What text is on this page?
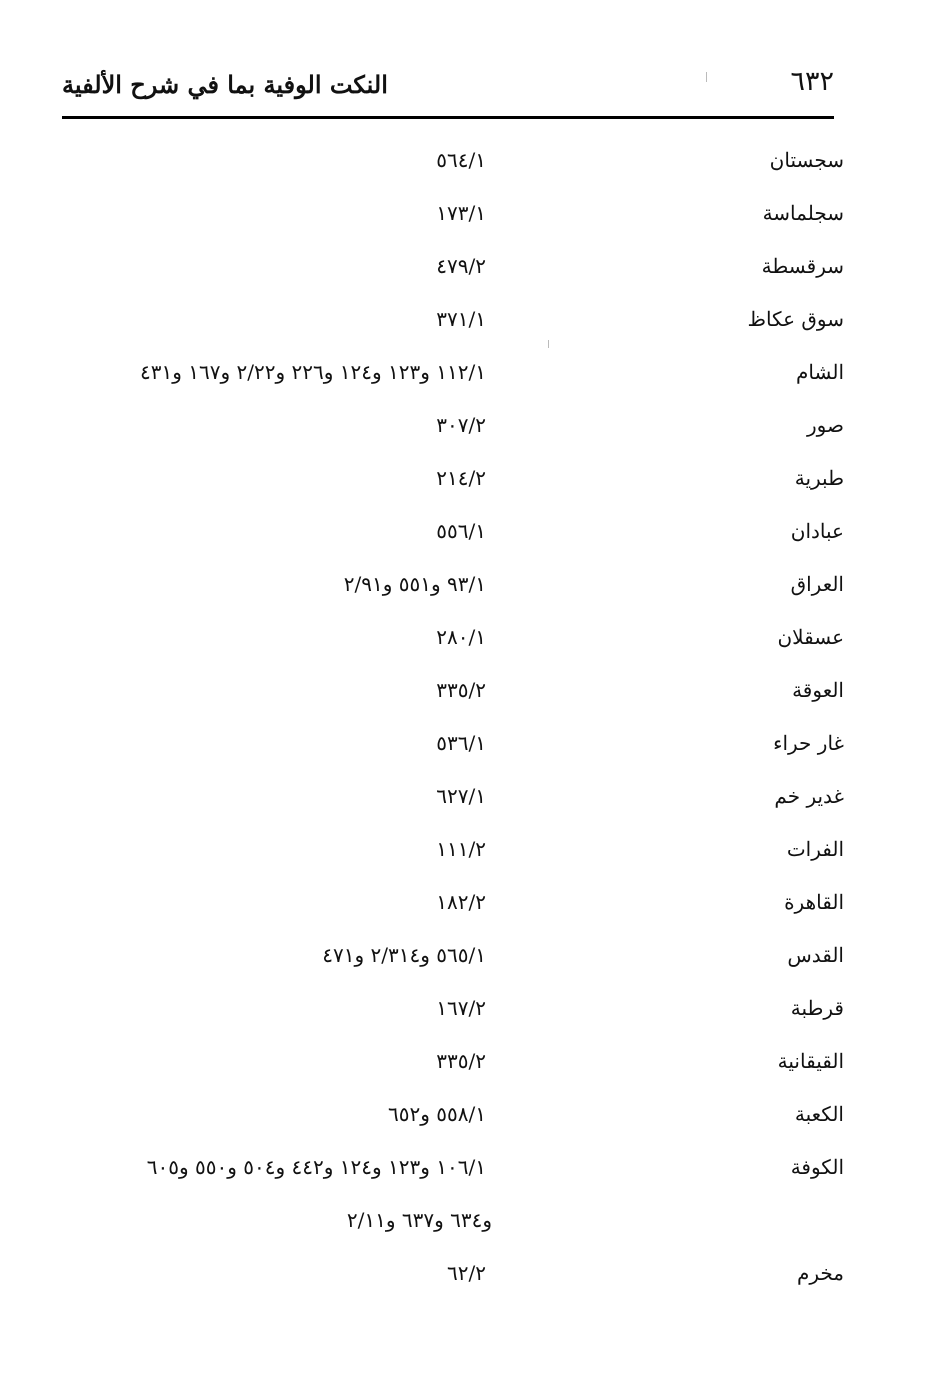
٦٣٢
النكت الوفية بما في شرح الألفية
سجستان
٥٦٤/١
سجلماسة
١٧٣/١
سرقسطة
٤٧٩/٢
سوق عكاظ
٣٧١/١
الشام
١١٢/١ و١٢٣ و١٢٤ و٢٢٦ و٢/٢٢ و١٦٧ و٤٣١
صور
٣٠٧/٢
طبرية
٢١٤/٢
عبادان
٥٥٦/١
العراق
٩٣/١ و٥٥١ و٢/٩١
عسقلان
٢٨٠/١
العوقة
٣٣٥/٢
غار حراء
٥٣٦/١
غدير خم
٦٢٧/١
الفرات
١١١/٢
القاهرة
١٨٢/٢
القدس
٥٦٥/١ و٢/٣١٤ و٤٧١
قرطبة
١٦٧/٢
القيقانية
٣٣٥/٢
الكعبة
٥٥٨/١ و٦٥٢
الكوفة
١٠٦/١ و١٢٣ و١٢٤ و٤٤٢ و٥٠٤ و٥٥٠ و٦٠٥
و٦٣٤ و٦٣٧ و٢/١١
مخرم
٦٢/٢
